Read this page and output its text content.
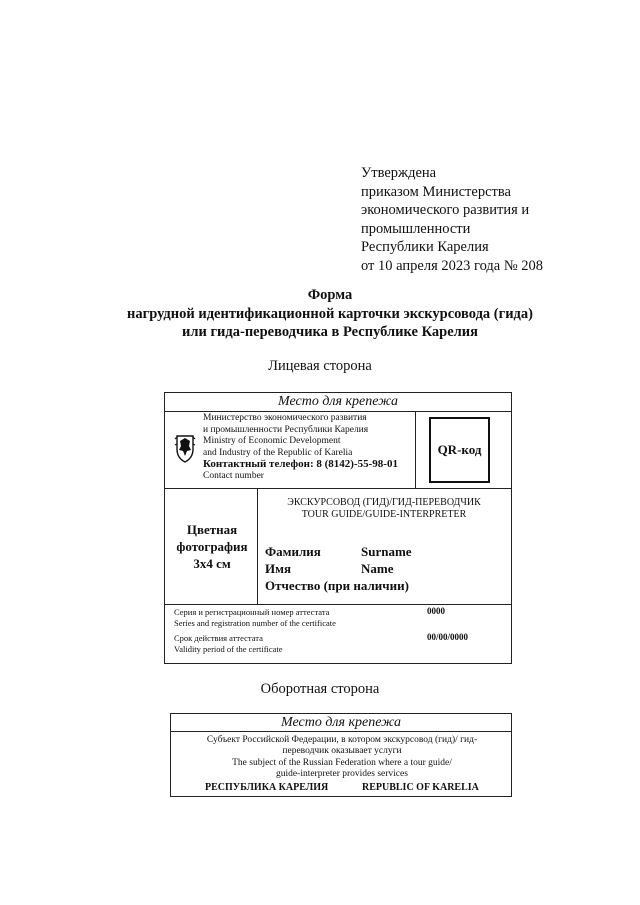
Утверждена
приказом Министерства
экономического развития и
промышленности
Республики Карелия
от 10 апреля 2023 года № 208
Форма
нагрудной идентификационной карточки экскурсовода (гида)
или гида-переводчика в Республике Карелия
Лицевая сторона
Место для крепежа
Министерство экономического развития
и промышленности Республики Карелия
Ministry of Economic Development
and Industry of the Republic of Karelia
Контактный телефон: 8 (8142)-55-98-01
Contact number
QR-код
Цветная
фотография
3x4 см
ЭКСКУРСОВОД (ГИД)/ГИД-ПЕРЕВОДЧИК
TOUR GUIDE/GUIDE-INTERPRETER
Фамилия	Surname
Имя	Name
Отчество (при наличии)
Серия и регистрационный номер аттестата
Series and registration number of the certificate
0000
Срок действия аттестата
Validity period of the certificate
00/00/0000
Оборотная сторона
Место для крепежа
Субъект Российской Федерации, в котором экскурсовод (гид)/ гид-
переводчик оказывает услуги
The subject of the Russian Federation where a tour guide/
guide-interpreter provides services
РЕСПУБЛИКА КАРЕЛИЯ	REPUBLIC OF KARELIA
